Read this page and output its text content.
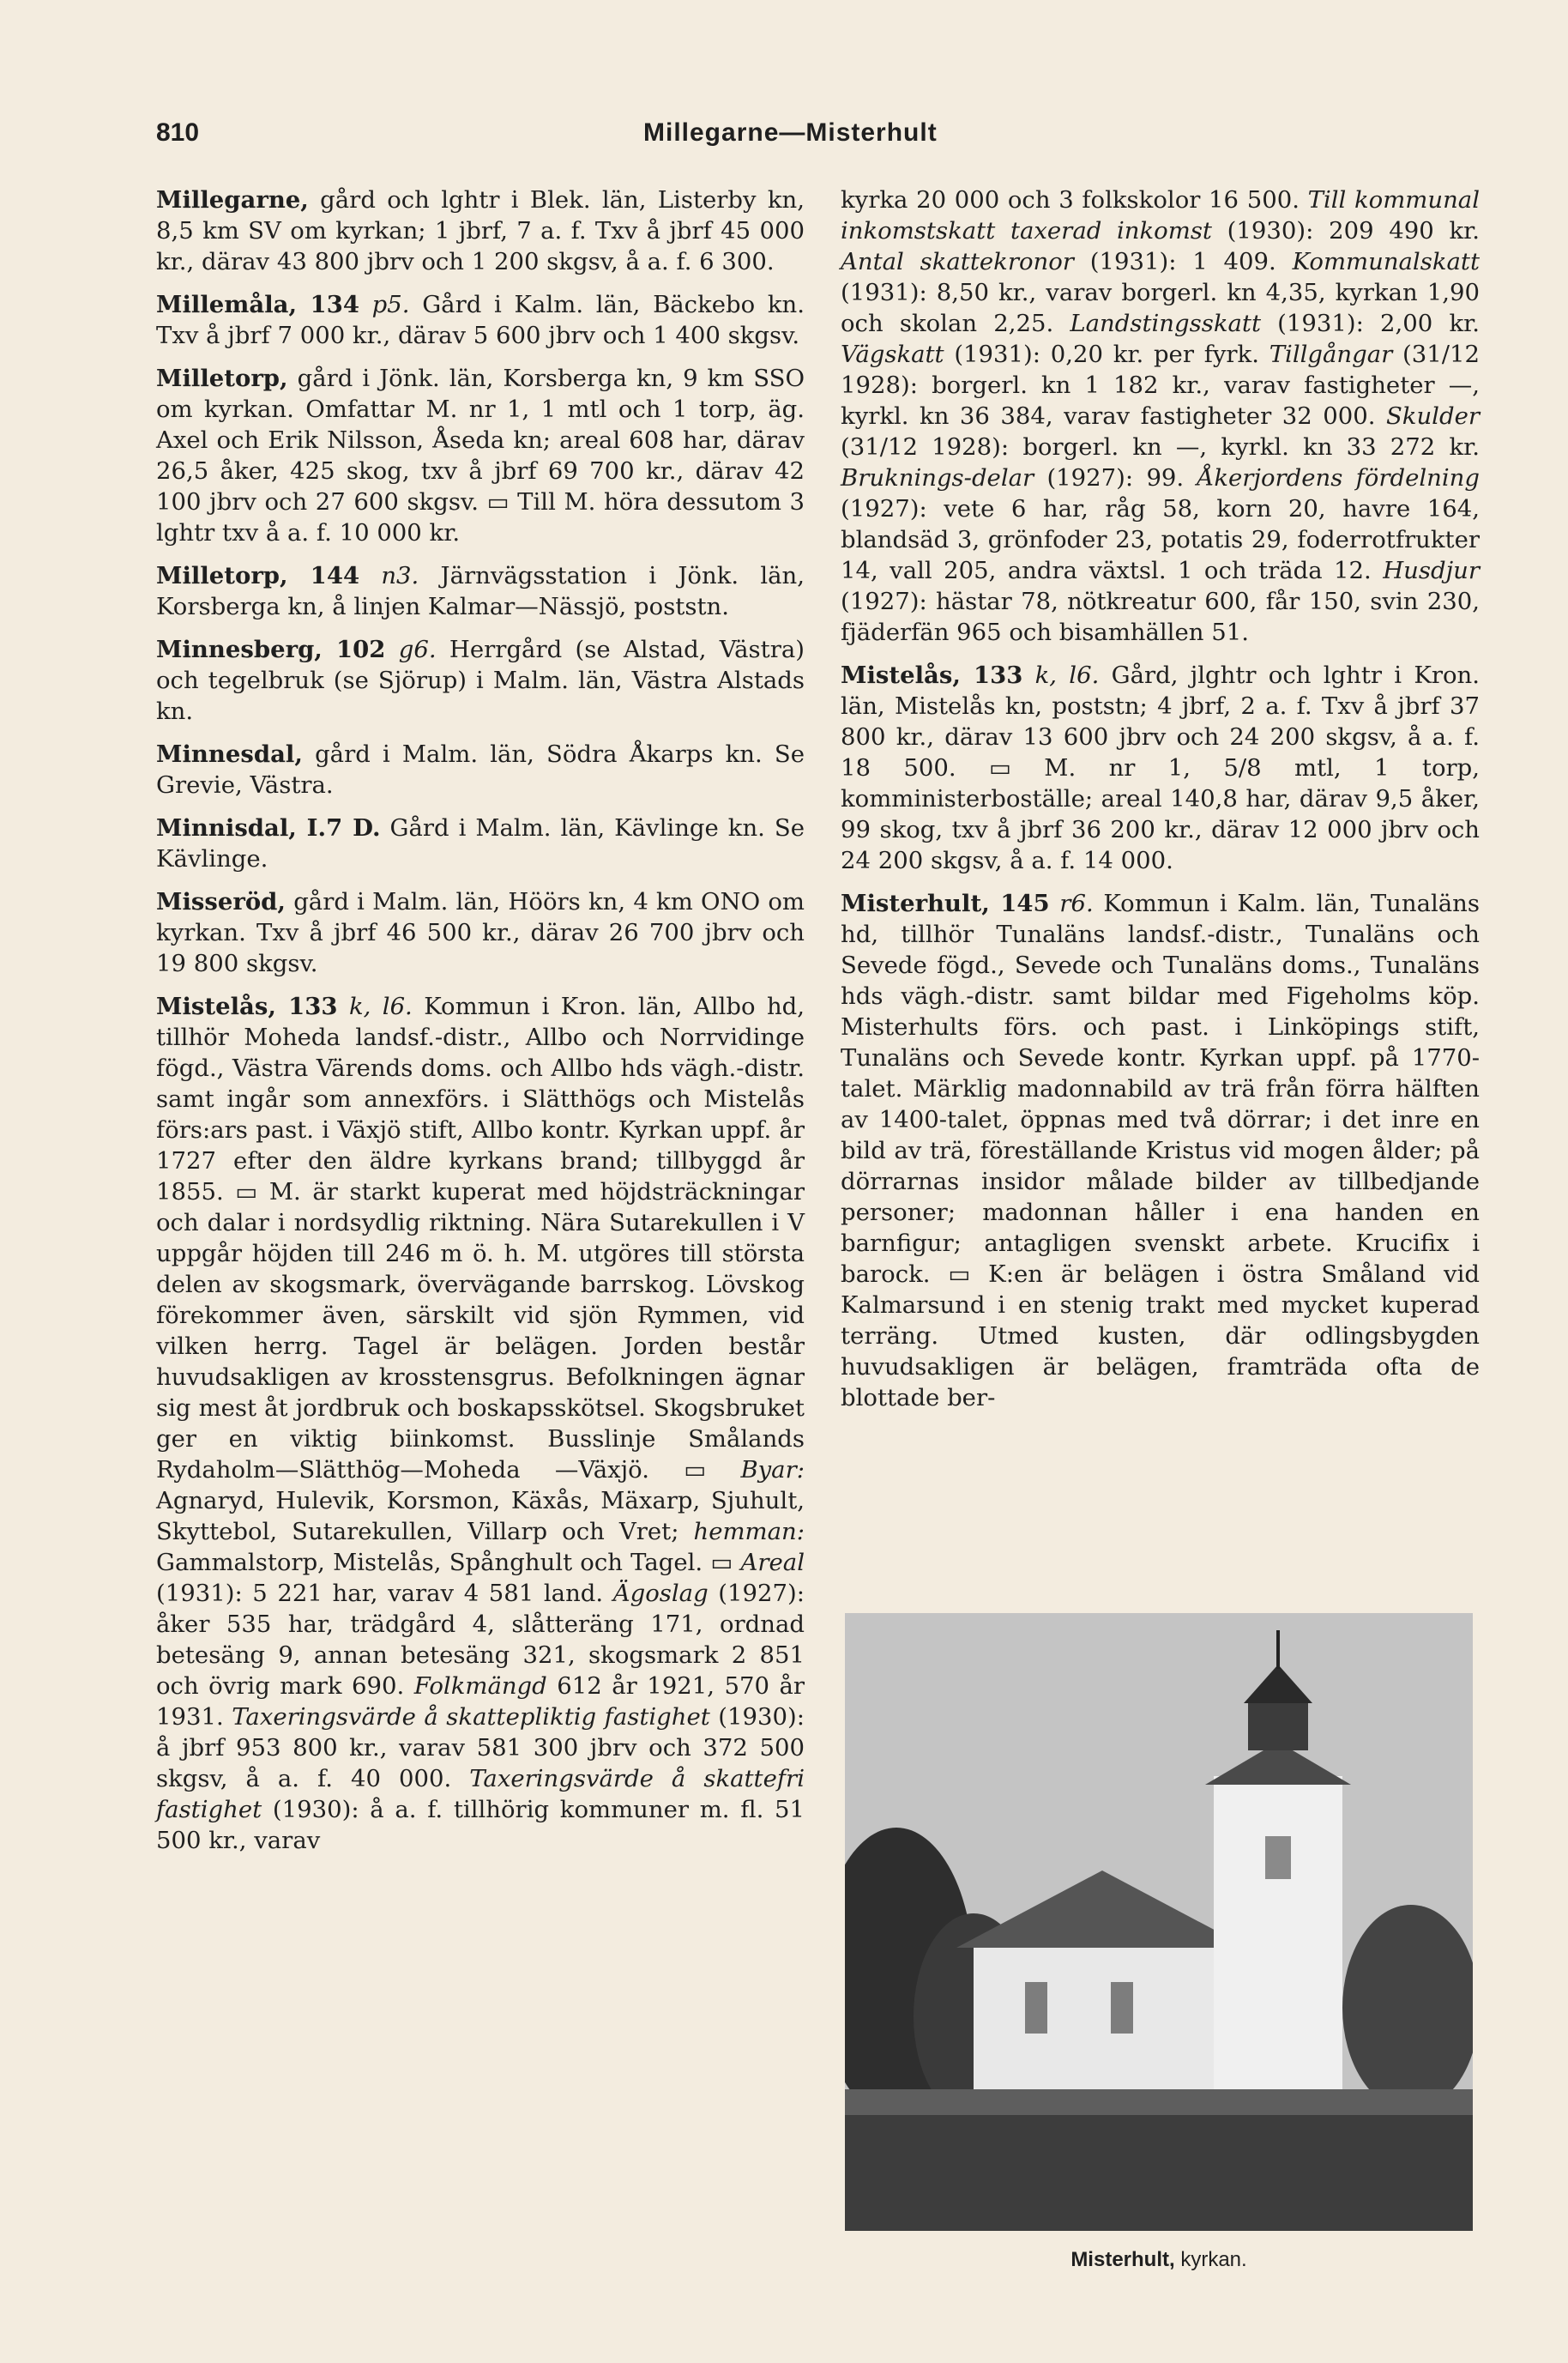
810	Millegarne—Misterhult

Millegarne, gård och lghtr i Blek. län, Listerby kn, 8,5 km SV om kyrkan; 1 jbrf, 7 a. f. Txv å jbrf 45 000 kr., därav 43 800 jbrv och 1 200 skgsv, å a. f. 6 300.

Millemåla, 134 p5. Gård i Kalm. län, Bäckebo kn. Txv å jbrf 7 000 kr., därav 5 600 jbrv och 1 400 skgsv.

Milletorp, gård i Jönk. län, Korsberga kn, 9 km SSO om kyrkan. Omfattar M. nr 1, 1 mtl och 1 torp, äg. Axel och Erik Nilsson, Åseda kn; areal 608 har, därav 26,5 åker, 425 skog, txv å jbrf 69 700 kr., därav 42 100 jbrv och 27 600 skgsv. ▭ Till M. höra dessutom 3 lghtr txv å a. f. 10 000 kr.

Milletorp, 144 n3. Järnvägsstation i Jönk. län, Korsberga kn, å linjen Kalmar—Nässjö, poststn.

Minnesberg, 102 g6. Herrgård (se Alstad, Västra) och tegelbruk (se Sjörup) i Malm. län, Västra Alstads kn.

Minnesdal, gård i Malm. län, Södra Åkarps kn. Se Grevie, Västra.

Minnisdal, I.7 D. Gård i Malm. län, Kävlinge kn. Se Kävlinge.

Misseröd, gård i Malm. län, Höörs kn, 4 km ONO om kyrkan. Txv å jbrf 46 500 kr., därav 26 700 jbrv och 19 800 skgsv.

Mistelås, 133 k, l6. Kommun i Kron. län, Allbo hd, tillhör Moheda landsf.-distr., Allbo och Norrvidinge fögd., Västra Värends doms. och Allbo hds vägh.-distr. samt ingår som annexförs. i Slätthögs och Mistelås förs:ars past. i Växjö stift, Allbo kontr. Kyrkan uppf. år 1727 efter den äldre kyrkans brand; tillbyggd år 1855. ▭ M. är starkt kuperat med höjdsträckningar och dalar i nordsydlig riktning. Nära Sutarekullen i V uppgår höjden till 246 m ö. h. M. utgöres till största delen av skogsmark, övervägande barrskog. Lövskog förekommer även, särskilt vid sjön Rymmen, vid vilken herrg. Tagel är belägen. Jorden består huvudsakligen av krosstensgrus. Befolkningen ägnar sig mest åt jordbruk och boskapsskötsel. Skogsbruket ger en viktig biinkomst. Busslinje Smålands Rydaholm—Slätthög—Moheda —Växjö. ▭ Byar: Agnaryd, Hulevik, Korsmon, Käxås, Mäxarp, Sjuhult, Skyttebol, Sutarekullen, Villarp och Vret; hemman: Gammalstorp, Mistelås, Spånghult och Tagel. ▭ Areal (1931): 5 221 har, varav 4 581 land. Ägoslag (1927): åker 535 har, trädgård 4, slåtteräng 171, ordnad betesäng 9, annan betesäng 321, skogsmark 2 851 och övrig mark 690. Folkmängd 612 år 1921, 570 år 1931. Taxeringsvärde å skattepliktig fastighet (1930): å jbrf 953 800 kr., varav 581 300 jbrv och 372 500 skgsv, å a. f. 40 000. Taxeringsvärde å skattefri fastighet (1930): å a. f. tillhörig kommuner m. fl. 51 500 kr., varav

kyrka 20 000 och 3 folkskolor 16 500. Till kommunal inkomstskatt taxerad inkomst (1930): 209 490 kr. Antal skattekronor (1931): 1 409. Kommunalskatt (1931): 8,50 kr., varav borgerl. kn 4,35, kyrkan 1,90 och skolan 2,25. Landstingsskatt (1931): 2,00 kr. Vägskatt (1931): 0,20 kr. per fyrk. Tillgångar (31/12 1928): borgerl. kn 1 182 kr., varav fastigheter —, kyrkl. kn 36 384, varav fastigheter 32 000. Skulder (31/12 1928): borgerl. kn —, kyrkl. kn 33 272 kr. Bruknings-delar (1927): 99. Åkerjordens fördelning (1927): vete 6 har, råg 58, korn 20, havre 164, blandsäd 3, grönfoder 23, potatis 29, foderrotfrukter 14, vall 205, andra växtsl. 1 och träda 12. Husdjur (1927): hästar 78, nötkreatur 600, får 150, svin 230, fjäderfän 965 och bisamhällen 51.

Mistelås, 133 k, l6. Gård, jlghtr och lghtr i Kron. län, Mistelås kn, poststn; 4 jbrf, 2 a. f. Txv å jbrf 37 800 kr., därav 13 600 jbrv och 24 200 skgsv, å a. f. 18 500. ▭ M. nr 1, 5/8 mtl, 1 torp, komministerboställe; areal 140,8 har, därav 9,5 åker, 99 skog, txv å jbrf 36 200 kr., därav 12 000 jbrv och 24 200 skgsv, å a. f. 14 000.

Misterhult, 145 r6. Kommun i Kalm. län, Tunaläns hd, tillhör Tunaläns landsf.-distr., Tunaläns och Sevede fögd., Sevede och Tunaläns doms., Tunaläns hds vägh.-distr. samt bildar med Figeholms köp. Misterhults förs. och past. i Linköpings stift, Tunaläns och Sevede kontr. Kyrkan uppf. på 1770-talet. Märklig madonnabild av trä från förra hälften av 1400-talet, öppnas med två dörrar; i det inre en bild av trä, föreställande Kristus vid mogen ålder; på dörrarnas insidor målade bilder av tillbedjande personer; madonnan håller i ena handen en barnfigur; antagligen svenskt arbete. Krucifix i barock. ▭ K:en är belägen i östra Småland vid Kalmarsund i en stenig trakt med mycket kuperad terräng. Utmed kusten, där odlingsbygden huvudsakligen är belägen, framträda ofta de blottade ber-

Misterhult, kyrkan.
